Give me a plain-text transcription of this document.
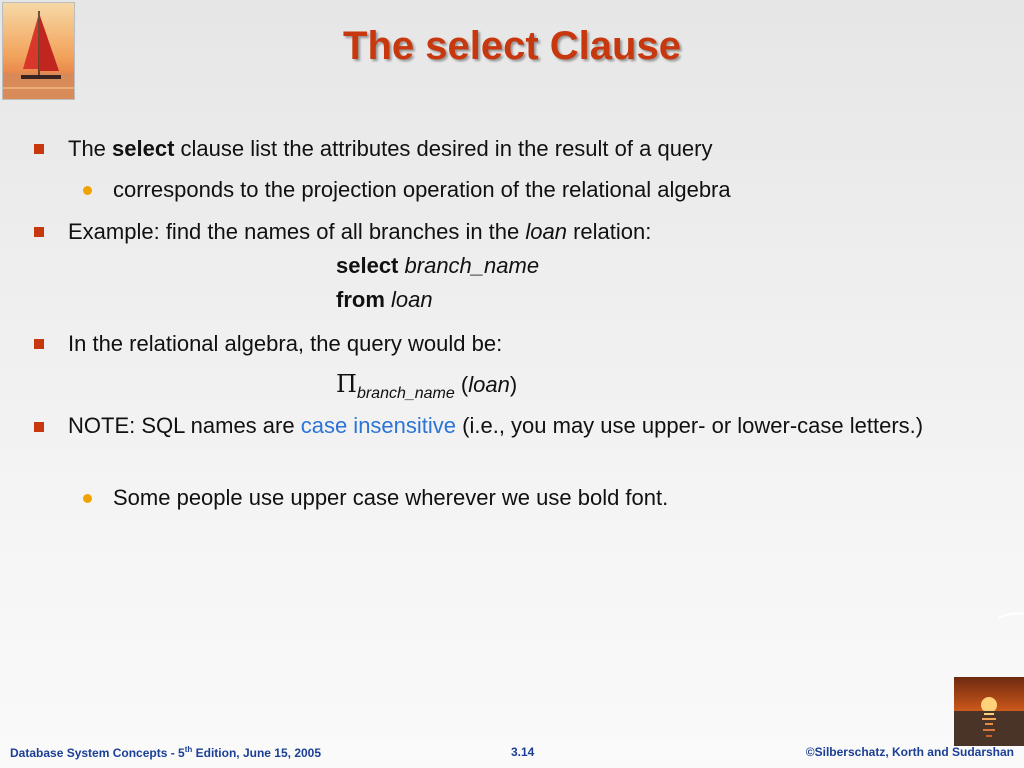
The select Clause
The select clause list the attributes desired in the result of a query
corresponds to the projection operation of the relational algebra
Example: find the names of all branches in the loan relation:
select branch_name
from loan
In the relational algebra, the query would be:
$\Pi_{branch\_name}$ (loan)
NOTE: SQL names are case insensitive (i.e., you may use upper- or lower-case letters.)
Some people use upper case wherever we use bold font.
Database System Concepts - 5th Edition, June 15, 2005	3.14	©Silberschatz, Korth and Sudarshan
